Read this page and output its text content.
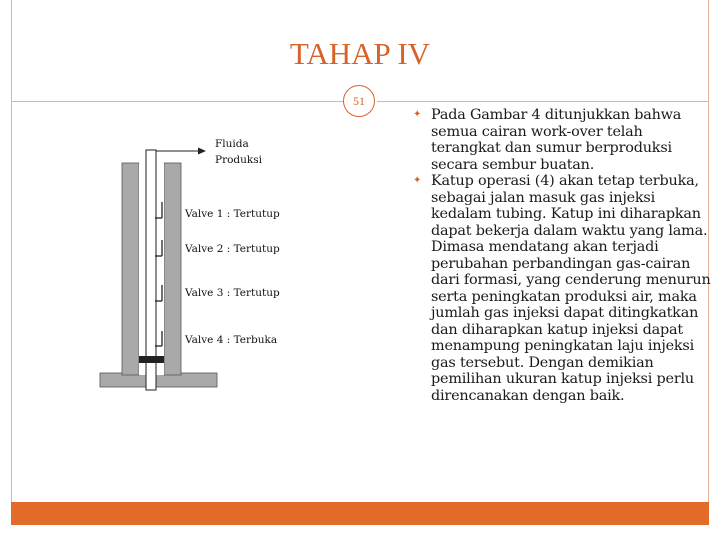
TAHAP IV
51
Fluida
Produksi
Valve 1 : Tertutup
Valve 2 : Tertutup
Valve 3 : Tertutup
Valve 4 : Terbuka
✦ Pada Gambar 4 ditunjukkan bahwa semua cairan work-over telah terangkat dan sumur berproduksi secara sembur buatan.
✦ Katup operasi (4) akan tetap terbuka, sebagai jalan masuk gas injeksi kedalam tubing. Katup ini diharapkan dapat bekerja dalam waktu yang lama. Dimasa mendatang akan terjadi perubahan perbandingan gas-cairan dari formasi, yang cenderung menurun serta peningkatan produksi air, maka jumlah gas injeksi dapat ditingkatkan dan diharapkan katup injeksi dapat menampung peningkatan laju injeksi gas tersebut. Dengan demikian pemilihan ukuran katup injeksi perlu direncanakan dengan baik.
